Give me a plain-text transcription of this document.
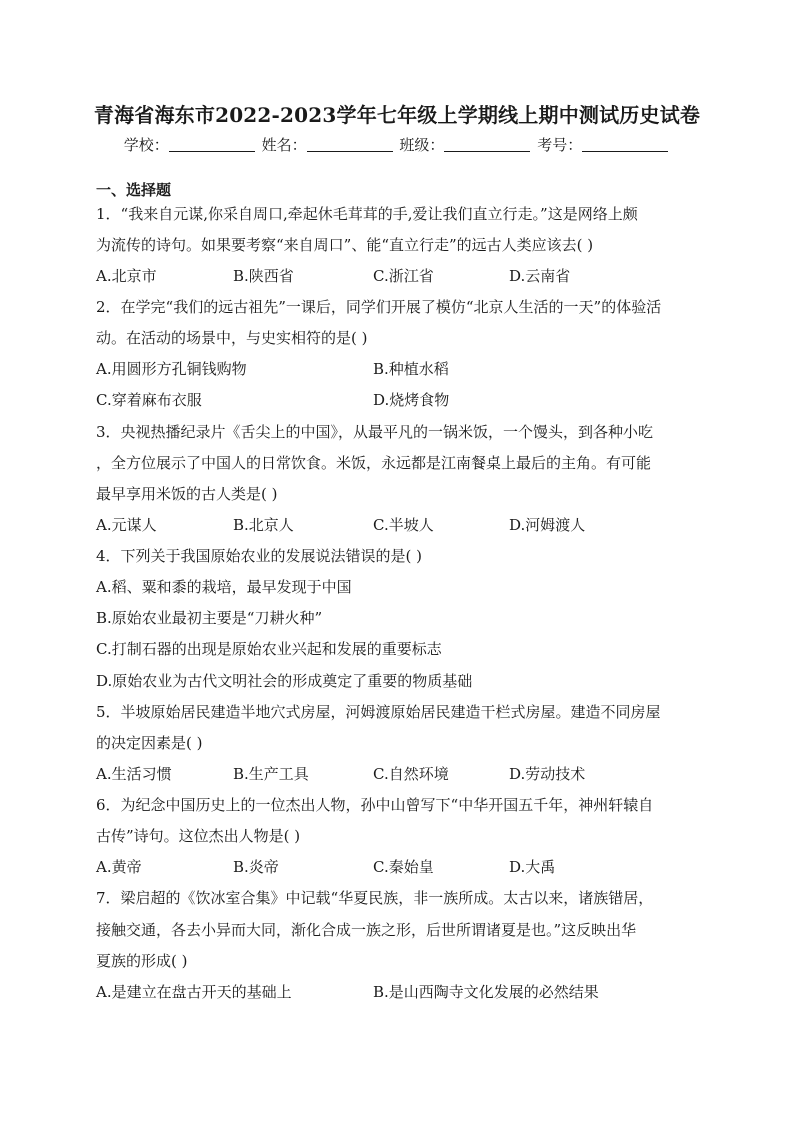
青海省海东市2022-2023学年七年级上学期线上期中测试历史试卷
学校：	姓名：	班级：	考号：
一、选择题
1．“我来自元谋,你采自周口,牵起休毛茸茸的手,爱让我们直立行走。”这是网络上颇
为流传的诗句。如果要考察“来自周口”、能“直立行走”的远古人类应该去( )
A.北京市	B.陕西省	C.浙江省	D.云南省
2．在学完“我们的远古祖先”一课后，同学们开展了模仿“北京人生活的一天”的体验活
动。在活动的场景中，与史实相符的是( )
A.用圆形方孔铜钱购物	B.种植水稻
C.穿着麻布衣服	D.烧烤食物
3．央视热播纪录片《舌尖上的中国》，从最平凡的一锅米饭，一个馒头，到各种小吃
，全方位展示了中国人的日常饮食。米饭，永远都是江南餐桌上最后的主角。有可能
最早享用米饭的古人类是( )
A.元谋人	B.北京人	C.半坡人	D.河姆渡人
4．下列关于我国原始农业的发展说法错误的是( )
A.稻、粟和黍的栽培，最早发现于中国
B.原始农业最初主要是“刀耕火种”
C.打制石器的出现是原始农业兴起和发展的重要标志
D.原始农业为古代文明社会的形成奠定了重要的物质基础
5．半坡原始居民建造半地穴式房屋，河姆渡原始居民建造干栏式房屋。建造不同房屋
的决定因素是( )
A.生活习惯	B.生产工具	C.自然环境	D.劳动技术
6．为纪念中国历史上的一位杰出人物，孙中山曾写下“中华开国五千年，神州轩辕自
古传”诗句。这位杰出人物是( )
A.黄帝	B.炎帝	C.秦始皇	D.大禹
7．梁启超的《饮冰室合集》中记载“华夏民族，非一族所成。太古以来，诸族错居，
接触交通，各去小异而大同，渐化合成一族之形，后世所谓诸夏是也。”这反映出华
夏族的形成( )
A.是建立在盘古开天的基础上	B.是山西陶寺文化发展的必然结果
